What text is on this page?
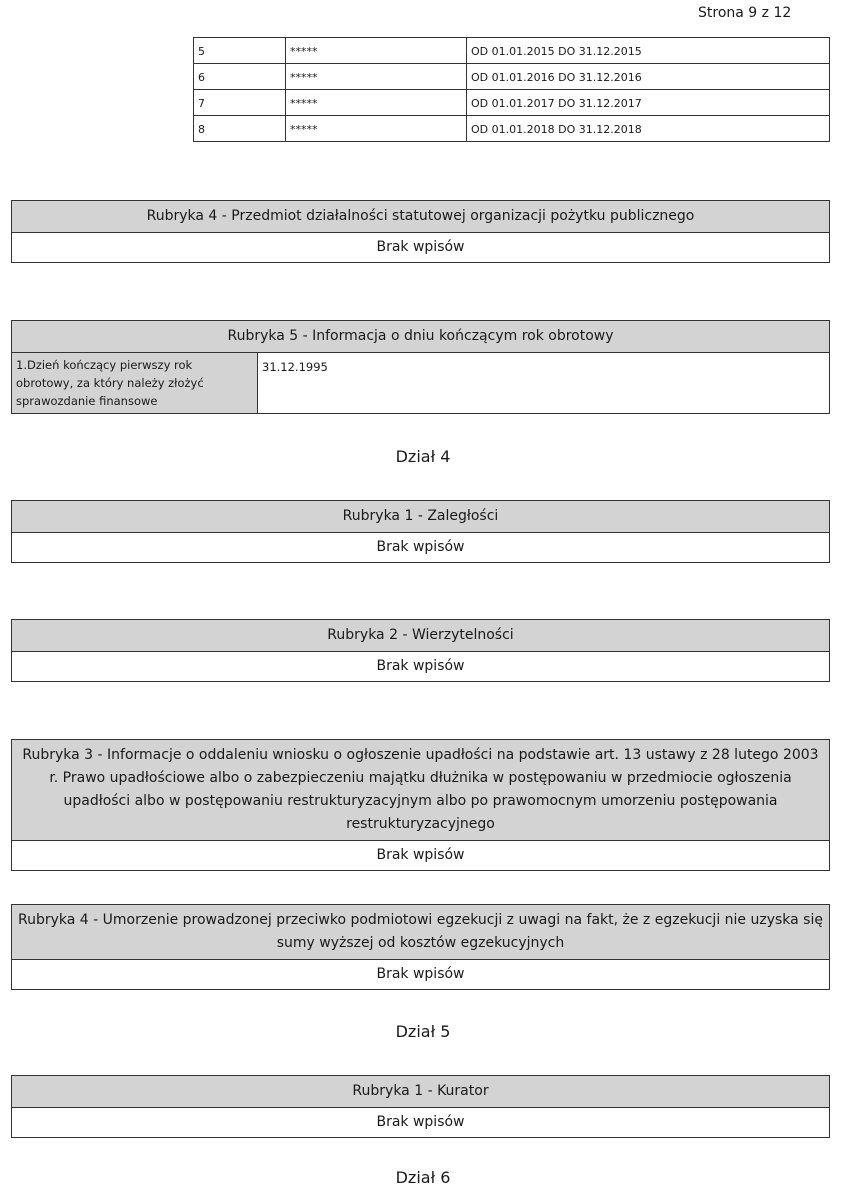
Strona 9 z 12
5	*****	OD 01.01.2015 DO 31.12.2015
6	*****	OD 01.01.2016 DO 31.12.2016
7	*****	OD 01.01.2017 DO 31.12.2017
8	*****	OD 01.01.2018 DO 31.12.2018
Rubryka 4 - Przedmiot działalności statutowej organizacji pożytku publicznego
Brak wpisów
Rubryka 5 - Informacja o dniu kończącym rok obrotowy
1.Dzień kończący pierwszy rok obrotowy, za który należy złożyć sprawozdanie finansowe
31.12.1995
Dział 4
Rubryka 1 - Zaległości
Brak wpisów
Rubryka 2 - Wierzytelności
Brak wpisów
Rubryka 3 - Informacje o oddaleniu wniosku o ogłoszenie upadłości na podstawie art. 13 ustawy z 28 lutego 2003 r. Prawo upadłościowe albo o zabezpieczeniu majątku dłużnika w postępowaniu w przedmiocie ogłoszenia upadłości albo w postępowaniu restrukturyzacyjnym albo po prawomocnym umorzeniu postępowania restrukturyzacyjnego
Brak wpisów
Rubryka 4 - Umorzenie prowadzonej przeciwko podmiotowi egzekucji z uwagi na fakt, że z egzekucji nie uzyska się sumy wyższej od kosztów egzekucyjnych
Brak wpisów
Dział 5
Rubryka 1 - Kurator
Brak wpisów
Dział 6
